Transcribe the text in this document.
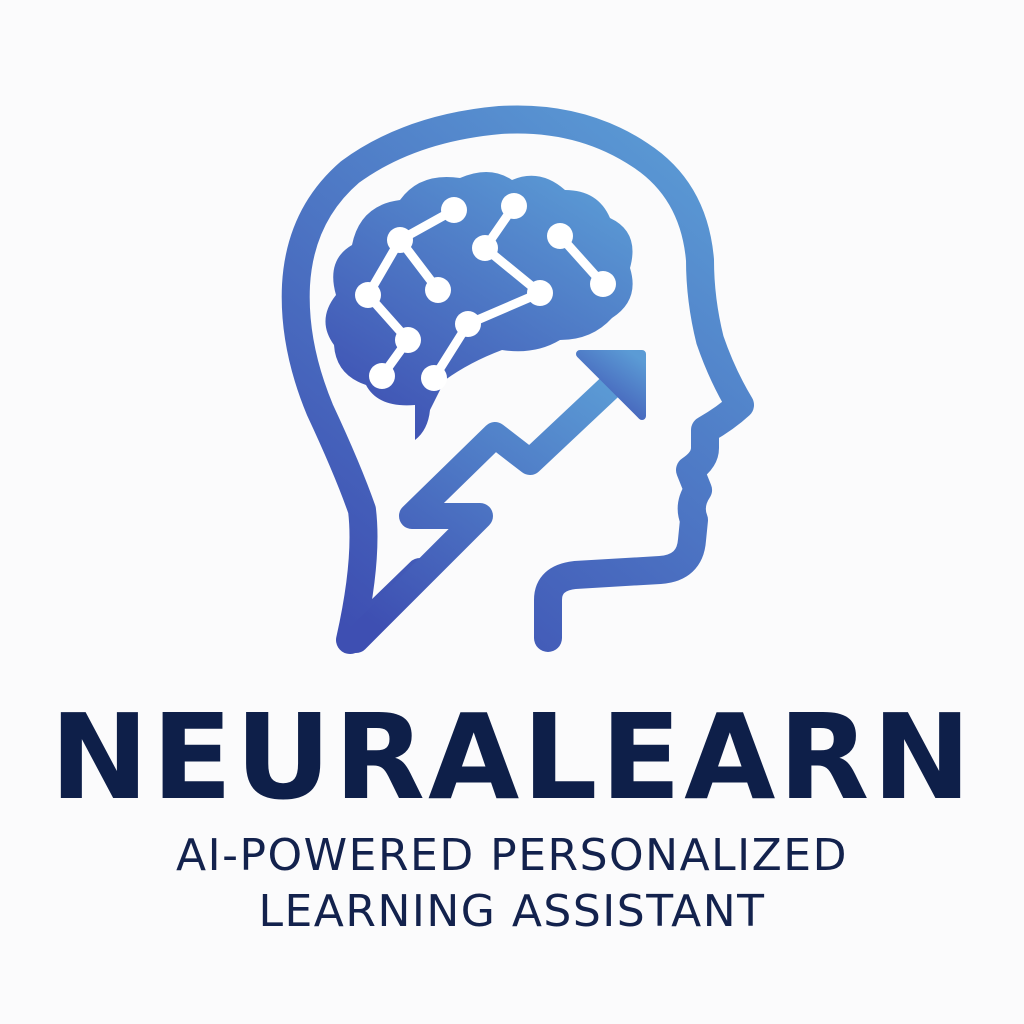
NEURALEARN
AI-POWERED PERSONALIZED
LEARNING ASSISTANT
